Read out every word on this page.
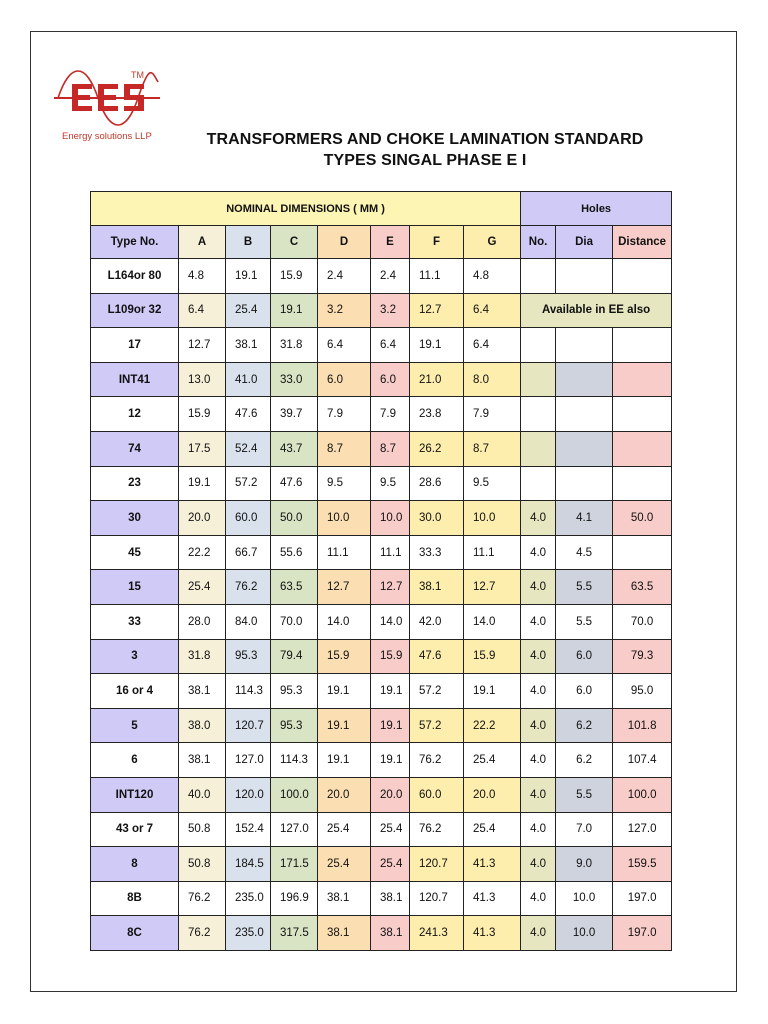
TM
Energy solutions LLP	TRANSFORMERS AND CHOKE LAMINATION STANDARD
TYPES SINGAL PHASE E I
NOMINAL DIMENSIONS ( MM )								Holes		
Type No.	A	B	C	D	E	F	G	No.	Dia	Distance
L164or 80	4.8	19.1	15.9	2.4	2.4	11.1	4.8			
L109or 32	6.4	25.4	19.1	3.2	3.2	12.7	6.4	Available in EE also		
17	12.7	38.1	31.8	6.4	6.4	19.1	6.4			
INT41	13.0	41.0	33.0	6.0	6.0	21.0	8.0			
12	15.9	47.6	39.7	7.9	7.9	23.8	7.9			
74	17.5	52.4	43.7	8.7	8.7	26.2	8.7			
23	19.1	57.2	47.6	9.5	9.5	28.6	9.5			
30	20.0	60.0	50.0	10.0	10.0	30.0	10.0	4.0	4.1	50.0
45	22.2	66.7	55.6	11.1	11.1	33.3	11.1	4.0	4.5	
15	25.4	76.2	63.5	12.7	12.7	38.1	12.7	4.0	5.5	63.5
33	28.0	84.0	70.0	14.0	14.0	42.0	14.0	4.0	5.5	70.0
3	31.8	95.3	79.4	15.9	15.9	47.6	15.9	4.0	6.0	79.3
16 or 4	38.1	114.3	95.3	19.1	19.1	57.2	19.1	4.0	6.0	95.0
5	38.0	120.7	95.3	19.1	19.1	57.2	22.2	4.0	6.2	101.8
6	38.1	127.0	114.3	19.1	19.1	76.2	25.4	4.0	6.2	107.4
INT120	40.0	120.0	100.0	20.0	20.0	60.0	20.0	4.0	5.5	100.0
43 or 7	50.8	152.4	127.0	25.4	25.4	76.2	25.4	4.0	7.0	127.0
8	50.8	184.5	171.5	25.4	25.4	120.7	41.3	4.0	9.0	159.5
8B	76.2	235.0	196.9	38.1	38.1	120.7	41.3	4.0	10.0	197.0
8C	76.2	235.0	317.5	38.1	38.1	241.3	41.3	4.0	10.0	197.0
